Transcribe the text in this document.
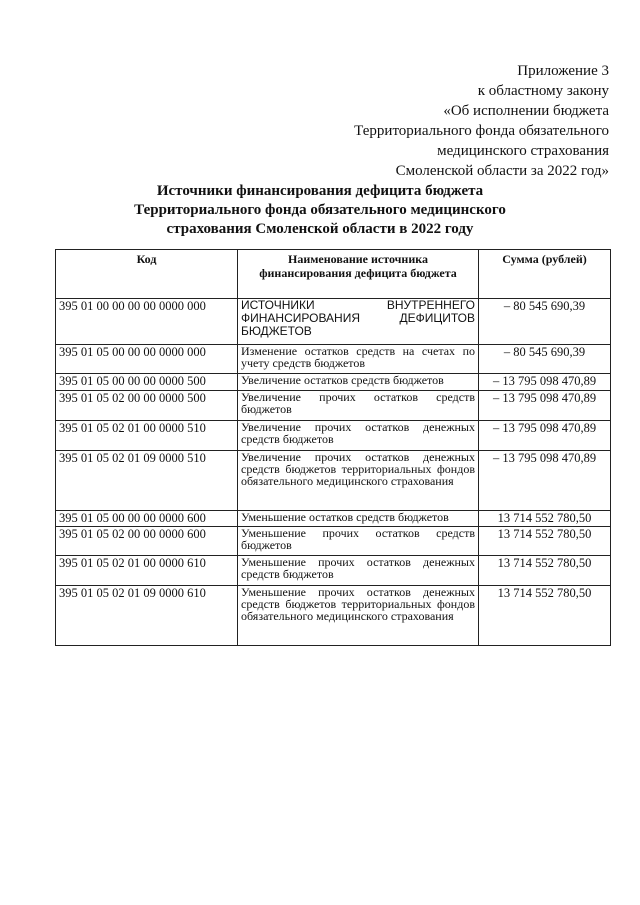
Приложение 3
к областному закону
«Об исполнении бюджета
Территориального фонда обязательного
медицинского страхования
Смоленской области за 2022 год»
Источники финансирования дефицита бюджета
Территориального фонда обязательного медицинского
страхования Смоленской области в 2022 году
Код	Наименование источника финансирования дефицита бюджета	Сумма (рублей)
395 01 00 00 00 00 0000 000	ИСТОЧНИКИ ВНУТРЕННЕГО ФИНАНСИРОВАНИЯ ДЕФИЦИТОВ БЮДЖЕТОВ	– 80 545 690,39
395 01 05 00 00 00 0000 000	Изменение остатков средств на счетах по учету средств бюджетов	– 80 545 690,39
395 01 05 00 00 00 0000 500	Увеличение остатков средств бюджетов	– 13 795 098 470,89
395 01 05 02 00 00 0000 500	Увеличение прочих остатков средств бюджетов	– 13 795 098 470,89
395 01 05 02 01 00 0000 510	Увеличение прочих остатков денежных средств бюджетов	– 13 795 098 470,89
395 01 05 02 01 09 0000 510	Увеличение прочих остатков денежных средств бюджетов территориальных фондов обязательного медицинского страхования	– 13 795 098 470,89
395 01 05 00 00 00 0000 600	Уменьшение остатков средств бюджетов	13 714 552 780,50
395 01 05 02 00 00 0000 600	Уменьшение прочих остатков средств бюджетов	13 714 552 780,50
395 01 05 02 01 00 0000 610	Уменьшение прочих остатков денежных средств бюджетов	13 714 552 780,50
395 01 05 02 01 09 0000 610	Уменьшение прочих остатков денежных средств бюджетов территориальных фондов обязательного медицинского страхования	13 714 552 780,50
